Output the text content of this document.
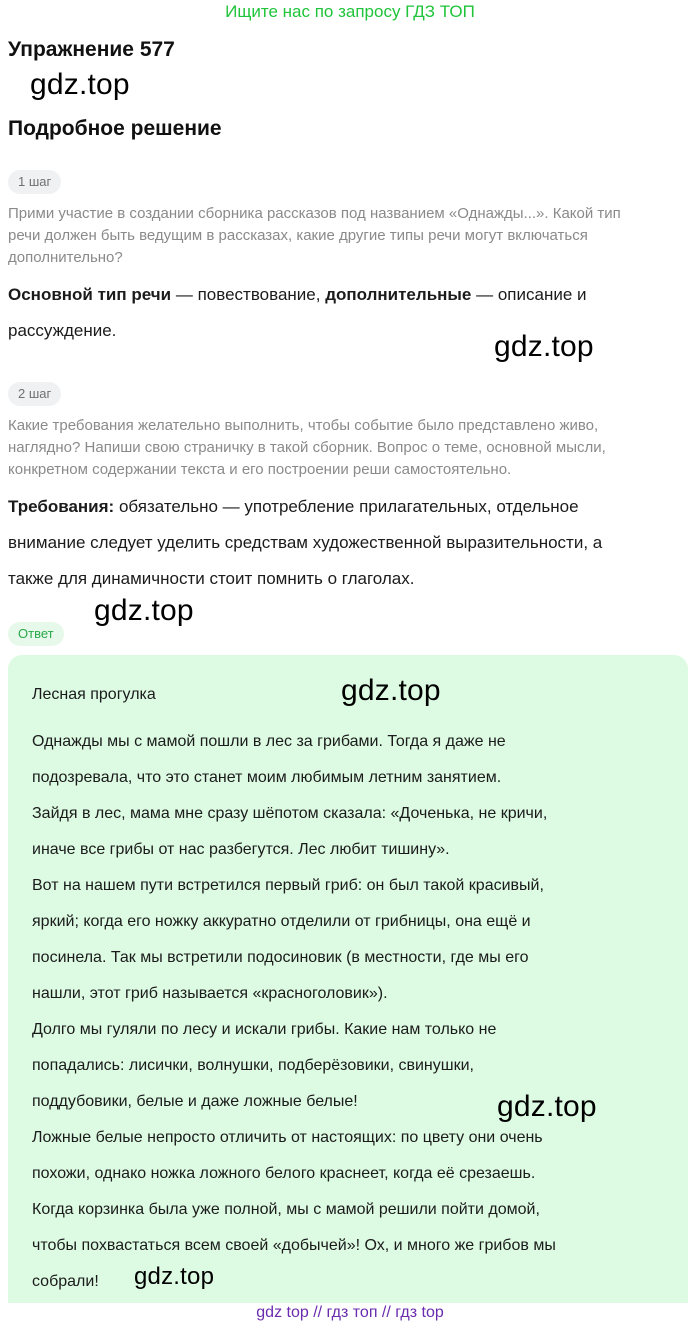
Ищите нас по запросу ГДЗ ТОП
Упражнение 577
gdz.top
Подробное решение
1 шаг
Прими участие в создании сборника рассказов под названием «Однажды...». Какой тип
речи должен быть ведущим в рассказах, какие другие типы речи могут включаться
дополнительно?
Основной тип речи — повествование, дополнительные — описание и
рассуждение.	gdz.top
2 шаг
Какие требования желательно выполнить, чтобы событие было представлено живо,
наглядно? Напиши свою страничку в такой сборник. Вопрос о теме, основной мысли,
конкретном содержании текста и его построении реши самостоятельно.
Требования: обязательно — употребление прилагательных, отдельное
внимание следует уделить средствам художественной выразительности, а
также для динамичности стоит помнить о глаголах.
gdz.top
Ответ
Лесная прогулка	gdz.top
Однажды мы с мамой пошли в лес за грибами. Тогда я даже не
подозревала, что это станет моим любимым летним занятием.
Зайдя в лес, мама мне сразу шёпотом сказала: «Доченька, не кричи,
иначе все грибы от нас разбегутся. Лес любит тишину».
Вот на нашем пути встретился первый гриб: он был такой красивый,
яркий; когда его ножку аккуратно отделили от грибницы, она ещё и
посинела. Так мы встретили подосиновик (в местности, где мы его
нашли, этот гриб называется «красноголовик»).
Долго мы гуляли по лесу и искали грибы. Какие нам только не
попадались: лисички, волнушки, подберёзовики, свинушки,
поддубовики, белые и даже ложные белые!
Ложные белые непросто отличить от настоящих: по цвету они очень
похожи, однако ножка ложного белого краснеет, когда её срезаешь.
Когда корзинка была уже полной, мы с мамой решили пойти домой,
чтобы похвастаться всем своей «добычей»! Ох, и много же грибов мы
собрали!
gdz.top
gdz.top
gdz top // гдз топ // гдз top
